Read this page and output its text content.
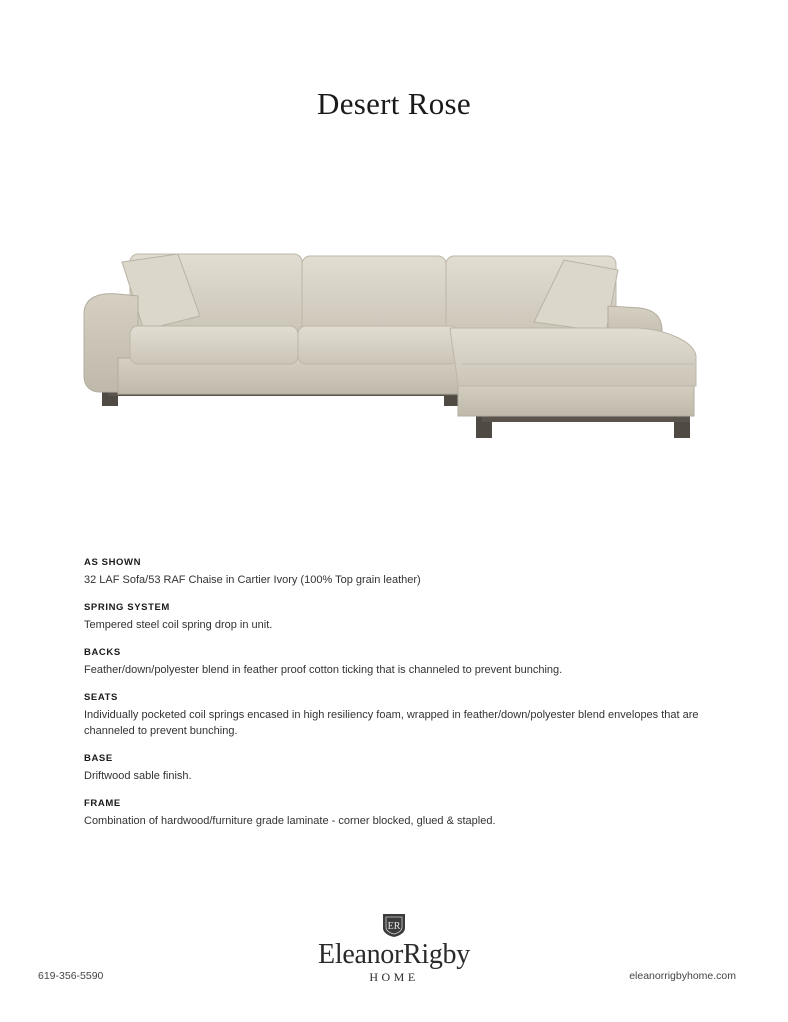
Desert Rose
AS SHOWN
32 LAF Sofa/53 RAF Chaise in Cartier Ivory (100% Top grain leather)
SPRING SYSTEM
Tempered steel coil spring drop in unit.
BACKS
Feather/down/polyester blend in feather proof cotton ticking that is channeled to prevent bunching.
SEATS
Individually pocketed coil springs encased in high resiliency foam, wrapped in feather/down/polyester blend envelopes that are channeled to prevent bunching.
BASE
Driftwood sable finish.
FRAME
Combination of hardwood/furniture grade laminate - corner blocked, glued & stapled.
ER
EleanorRigby
HOME
619-356-5590	eleanorrigbyhome.com
